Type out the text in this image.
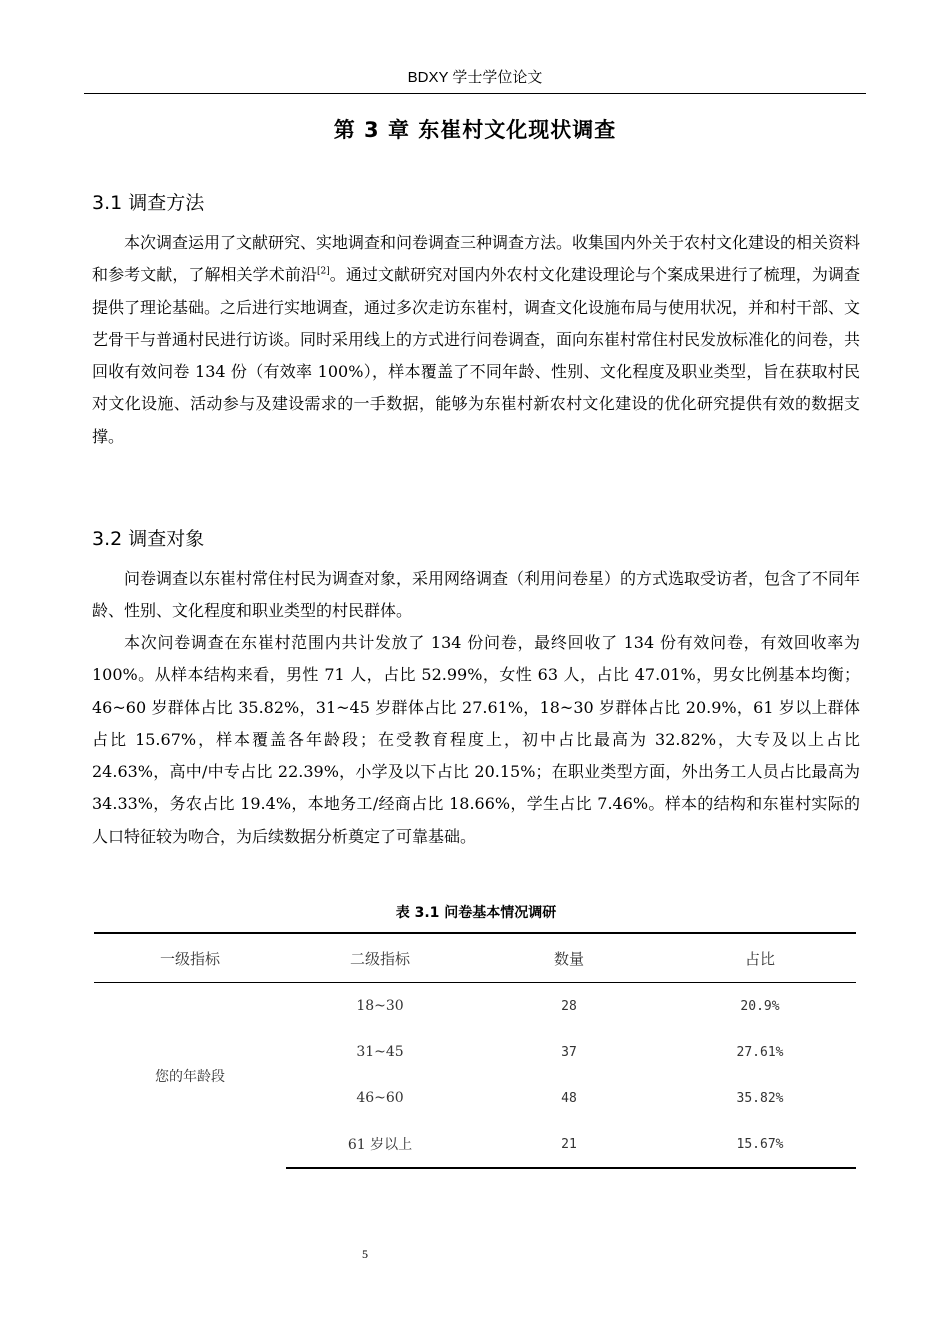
BDXY 学士学位论文
第 3 章 东崔村文化现状调查
3.1 调查方法

本次调查运用了文献研究、实地调查和问卷调查三种调查方法。收集国内外关于农村文化建设的相关资料和参考文献，了解相关学术前沿[2]。通过文献研究对国内外农村文化建设理论与个案成果进行了梳理，为调查提供了理论基础。之后进行实地调查，通过多次走访东崔村，调查文化设施布局与使用状况，并和村干部、文艺骨干与普通村民进行访谈。同时采用线上的方式进行问卷调查，面向东崔村常住村民发放标准化的问卷，共回收有效问卷 134 份（有效率 100%），样本覆盖了不同年龄、性别、文化程度及职业类型，旨在获取村民对文化设施、活动参与及建设需求的一手数据，能够为东崔村新农村文化建设的优化研究提供有效的数据支撑。

3.2 调查对象

问卷调查以东崔村常住村民为调查对象，采用网络调查（利用问卷星）的方式选取受访者，包含了不同年龄、性别、文化程度和职业类型的村民群体。

本次问卷调查在东崔村范围内共计发放了 134 份问卷，最终回收了 134 份有效问卷，有效回收率为 100%。从样本结构来看，男性 71 人，占比 52.99%，女性 63 人，占比 47.01%，男女比例基本均衡；46~60 岁群体占比 35.82%，31~45 岁群体占比 27.61%，18~30 岁群体占比 20.9%，61 岁以上群体占比 15.67%，样本覆盖各年龄段；在受教育程度上，初中占比最高为 32.82%，大专及以上占比 24.63%，高中/中专占比 22.39%，小学及以下占比 20.15%；在职业类型方面，外出务工人员占比最高为 34.33%，务农占比 19.4%，本地务工/经商占比 18.66%，学生占比 7.46%。样本的结构和东崔村实际的人口特征较为吻合，为后续数据分析奠定了可靠基础。

表 3.1 问卷基本情况调研
一级指标	二级指标	数量	占比
您的年龄段	18~30	28	20.9%
	31~45	37	27.61%
	46~60	48	35.82%
	61 岁以上	21	15.67%
5
